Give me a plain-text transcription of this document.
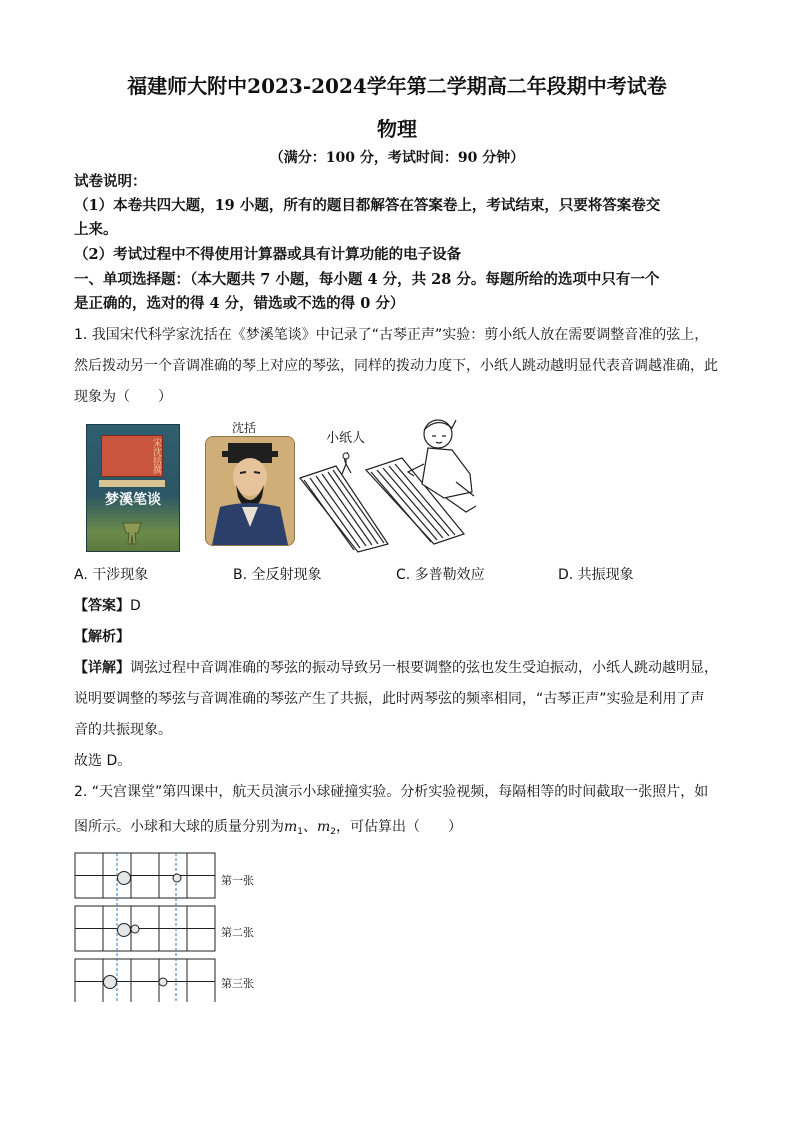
福建师大附中2023-2024学年第二学期高二年段期中考试卷
物理
（满分：100 分，考试时间：90 分钟）
试卷说明：
（1）本卷共四大题，19 小题，所有的题目都解答在答案卷上，考试结束，只要将答案卷交
上来。
（2）考试过程中不得使用计算器或具有计算功能的电子设备
一、单项选择题：（本大题共 7 小题，每小题 4 分，共 28 分。每题所给的选项中只有一个
是正确的，选对的得 4 分，错选或不选的得 0 分）
1. 我国宋代科学家沈括在《梦溪笔谈》中记录了“古琴正声”实验：剪小纸人放在需要调整音准的弦上，
然后拨动另一个音调准确的琴上对应的琴弦，同样的拨动力度下，小纸人跳动越明显代表音调越准确，此
现象为（　　）
宋沈括撰
梦溪笔谈
沈括
小纸人
A. 干涉现象	B. 全反射现象	C. 多普勒效应	D. 共振现象
【答案】D
【解析】
【详解】调弦过程中音调准确的琴弦的振动导致另一根要调整的弦也发生受迫振动，小纸人跳动越明显，
说明要调整的琴弦与音调准确的琴弦产生了共振，此时两琴弦的频率相同，“古琴正声”实验是利用了声
音的共振现象。
故选 D。
2. “天宫课堂”第四课中，航天员演示小球碰撞实验。分析实验视频，每隔相等的时间截取一张照片，如
图所示。小球和大球的质量分别为$m_1$、$m_2$，可估算出（　　）
第一张
第二张
第三张
